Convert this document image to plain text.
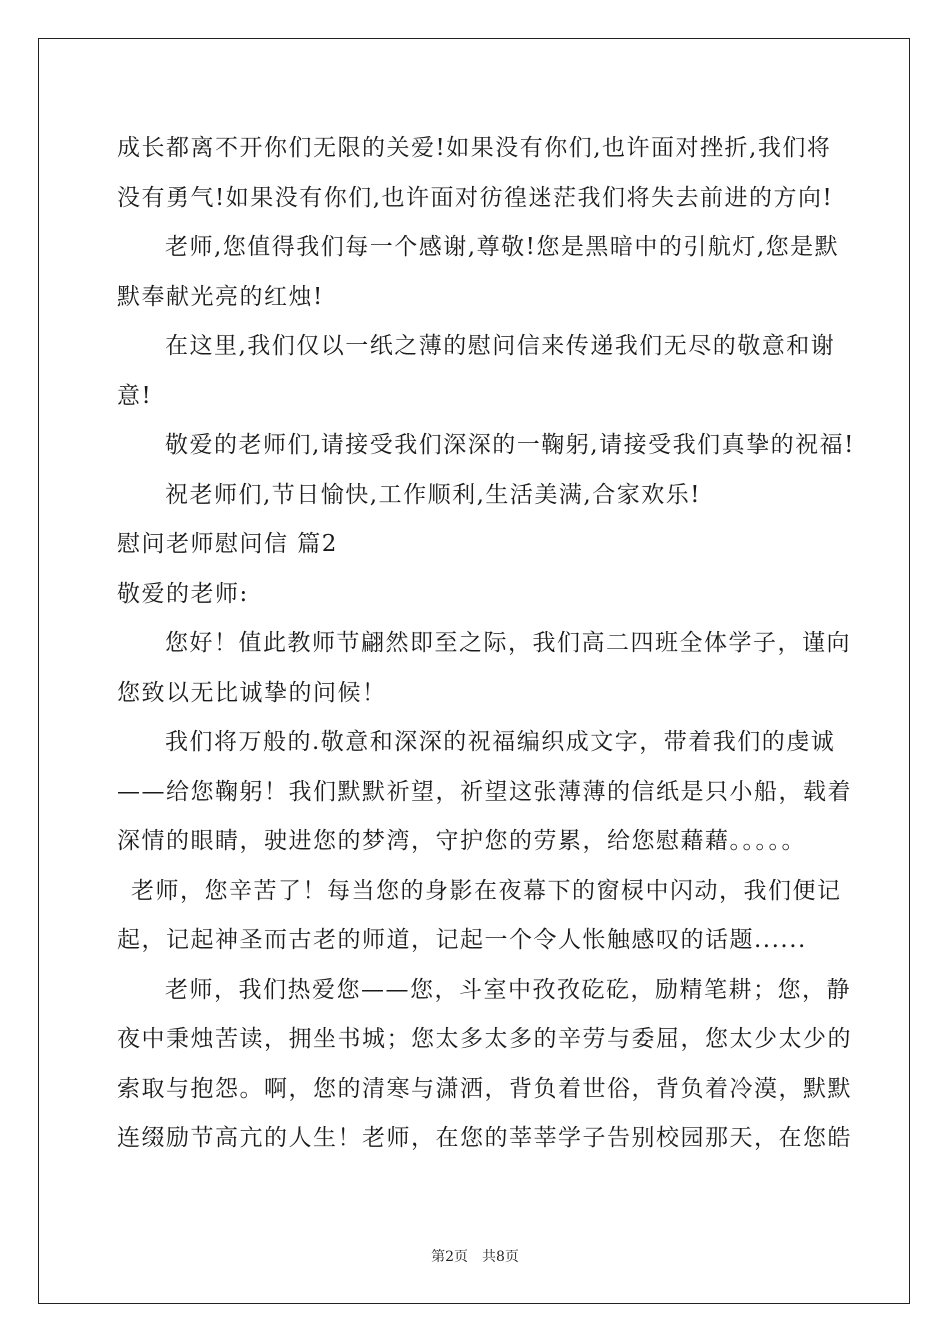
成长都离不开你们无限的关爱!如果没有你们,也许面对挫折,我们将
没有勇气!如果没有你们,也许面对彷徨迷茫我们将失去前进的方向!
老师,您值得我们每一个感谢,尊敬!您是黑暗中的引航灯,您是默
默奉献光亮的红烛!
在这里,我们仅以一纸之薄的慰问信来传递我们无尽的敬意和谢
意!
敬爱的老师们,请接受我们深深的一鞠躬,请接受我们真挚的祝福!
祝老师们,节日愉快,工作顺利,生活美满,合家欢乐!
慰问老师慰问信 篇2
敬爱的老师:
您好！值此教师节翩然即至之际，我们高二四班全体学子，谨向
您致以无比诚挚的问候！
我们将万般的.敬意和深深的祝福编织成文字，带着我们的虔诚
——给您鞠躬！我们默默祈望，祈望这张薄薄的信纸是只小船，载着
深情的眼睛，驶进您的梦湾，守护您的劳累，给您慰藉藉。。。。。
老师，您辛苦了！每当您的身影在夜幕下的窗棂中闪动，我们便记
起，记起神圣而古老的师道，记起一个令人怅触感叹的话题......
老师，我们热爱您——您，斗室中孜孜矻矻，励精笔耕；您，静
夜中秉烛苦读，拥坐书城；您太多太多的辛劳与委屈，您太少太少的
索取与抱怨。啊，您的清寒与潇洒，背负着世俗，背负着冷漠，默默
连缀励节高亢的人生！老师，在您的莘莘学子告别校园那天，在您皓
第2页　共8页
